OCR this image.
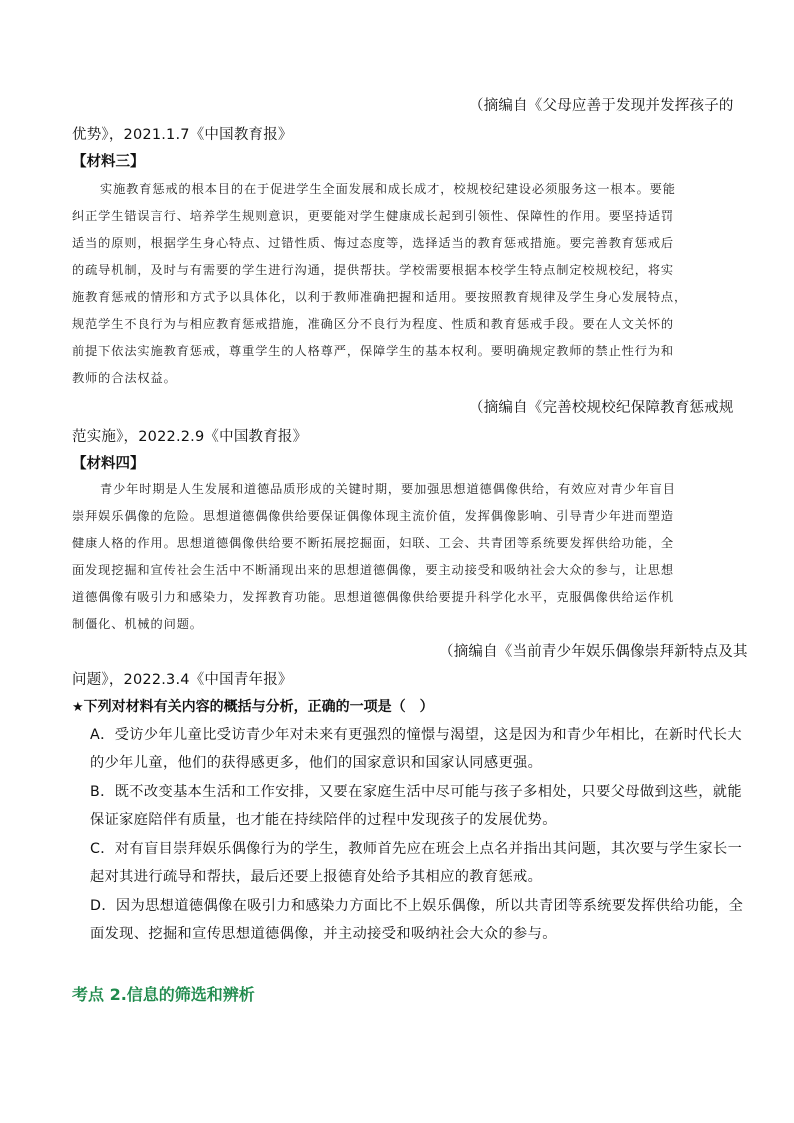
（摘编自《父母应善于发现并发挥孩子的
优势》，2021.1.7《中国教育报》
【材料三】
实施教育惩戒的根本目的在于促进学生全面发展和成长成才，校规校纪建设必须服务这一根本。要能
纠正学生错误言行、培养学生规则意识，更要能对学生健康成长起到引领性、保障性的作用。要坚持适罚
适当的原则，根据学生身心特点、过错性质、悔过态度等，选择适当的教育惩戒措施。要完善教育惩戒后
的疏导机制，及时与有需要的学生进行沟通，提供帮扶。学校需要根据本校学生特点制定校规校纪，将实
施教育惩戒的情形和方式予以具体化，以利于教师准确把握和适用。要按照教育规律及学生身心发展特点，
规范学生不良行为与相应教育惩戒措施，准确区分不良行为程度、性质和教育惩戒手段。要在人文关怀的
前提下依法实施教育惩戒，尊重学生的人格尊严，保障学生的基本权利。要明确规定教师的禁止性行为和
教师的合法权益。
（摘编自《完善校规校纪保障教育惩戒规
范实施》，2022.2.9《中国教育报》
【材料四】
青少年时期是人生发展和道德品质形成的关键时期，要加强思想道德偶像供给，有效应对青少年盲目
崇拜娱乐偶像的危险。思想道德偶像供给要保证偶像体现主流价值，发挥偶像影响、引导青少年进而塑造
健康人格的作用。思想道德偶像供给要不断拓展挖掘面，妇联、工会、共青团等系统要发挥供给功能，全
面发现挖掘和宣传社会生活中不断涌现出来的思想道德偶像，要主动接受和吸纳社会大众的参与，让思想
道德偶像有吸引力和感染力，发挥教育功能。思想道德偶像供给要提升科学化水平，克服偶像供给运作机
制僵化、机械的问题。
（摘编自《当前青少年娱乐偶像崇拜新特点及其
问题》，2022.3.4《中国青年报》
★下列对材料有关内容的概括与分析，正确的一项是（　）
A．受访少年儿童比受访青少年对未来有更强烈的憧憬与渴望，这是因为和青少年相比，在新时代长大
的少年儿童，他们的获得感更多，他们的国家意识和国家认同感更强。
B．既不改变基本生活和工作安排，又要在家庭生活中尽可能与孩子多相处，只要父母做到这些，就能
保证家庭陪伴有质量，也才能在持续陪伴的过程中发现孩子的发展优势。
C．对有盲目崇拜娱乐偶像行为的学生，教师首先应在班会上点名并指出其问题，其次要与学生家长一
起对其进行疏导和帮扶，最后还要上报德育处给予其相应的教育惩戒。
D．因为思想道德偶像在吸引力和感染力方面比不上娱乐偶像，所以共青团等系统要发挥供给功能，全
面发现、挖掘和宣传思想道德偶像，并主动接受和吸纳社会大众的参与。
考点 2.信息的筛选和辨析
